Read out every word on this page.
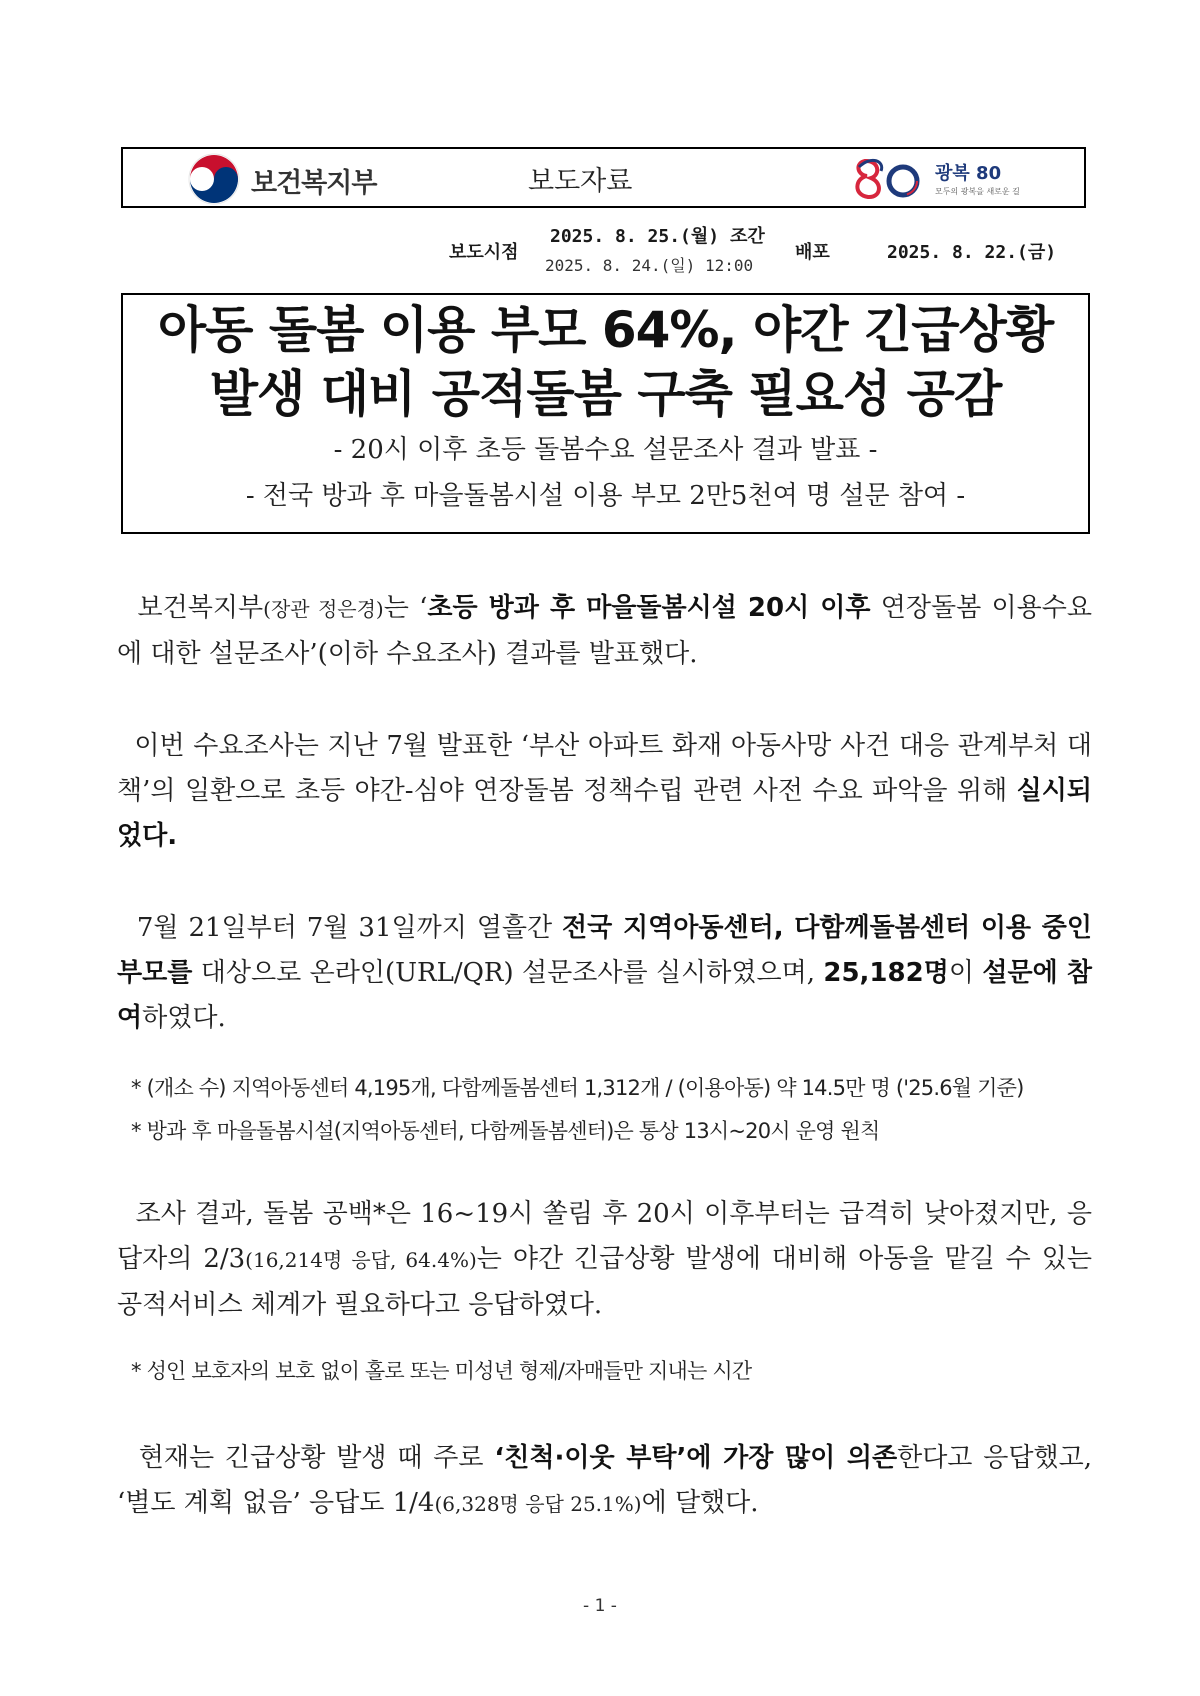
보건복지부	보도자료	광복 80
모두의 광복을 새로운 길
보도시점
2025. 8. 25.(월) 조간
2025. 8. 24.(일) 12:00
배포	2025. 8. 22.(금)
아동 돌봄 이용 부모 64%, 야간 긴급상황
발생 대비 공적돌봄 구축 필요성 공감
- 20시 이후 초등 돌봄수요 설문조사 결과 발표 -
- 전국 방과 후 마을돌봄시설 이용 부모 2만5천여 명 설문 참여 -
보건복지부(장관 정은경)는 ‘초등 방과 후 마을돌봄시설 20시 이후 연장돌봄 이용수요에 대한 설문조사’(이하 수요조사) 결과를 발표했다.
이번 수요조사는 지난 7월 발표한 ‘부산 아파트 화재 아동사망 사건 대응 관계부처 대책’의 일환으로 초등 야간-심야 연장돌봄 정책수립 관련 사전 수요 파악을 위해 실시되었다.
7월 21일부터 7월 31일까지 열흘간 전국 지역아동센터, 다함께돌봄센터 이용 중인 부모를 대상으로 온라인(URL/QR) 설문조사를 실시하였으며, 25,182명이 설문에 참여하였다.
* (개소 수) 지역아동센터 4,195개, 다함께돌봄센터 1,312개 / (이용아동) 약 14.5만 명 ('25.6월 기준)
* 방과 후 마을돌봄시설(지역아동센터, 다함께돌봄센터)은 통상 13시~20시 운영 원칙
조사 결과, 돌봄 공백*은 16~19시 쏠림 후 20시 이후부터는 급격히 낮아졌지만, 응답자의 2/3(16,214명 응답, 64.4%)는 야간 긴급상황 발생에 대비해 아동을 맡길 수 있는 공적서비스 체계가 필요하다고 응답하였다.
* 성인 보호자의 보호 없이 홀로 또는 미성년 형제/자매들만 지내는 시간
현재는 긴급상황 발생 때 주로 ‘친척·이웃 부탁’에 가장 많이 의존한다고 응답했고, ‘별도 계획 없음’ 응답도 1/4(6,328명 응답 25.1%)에 달했다.
- 1 -
